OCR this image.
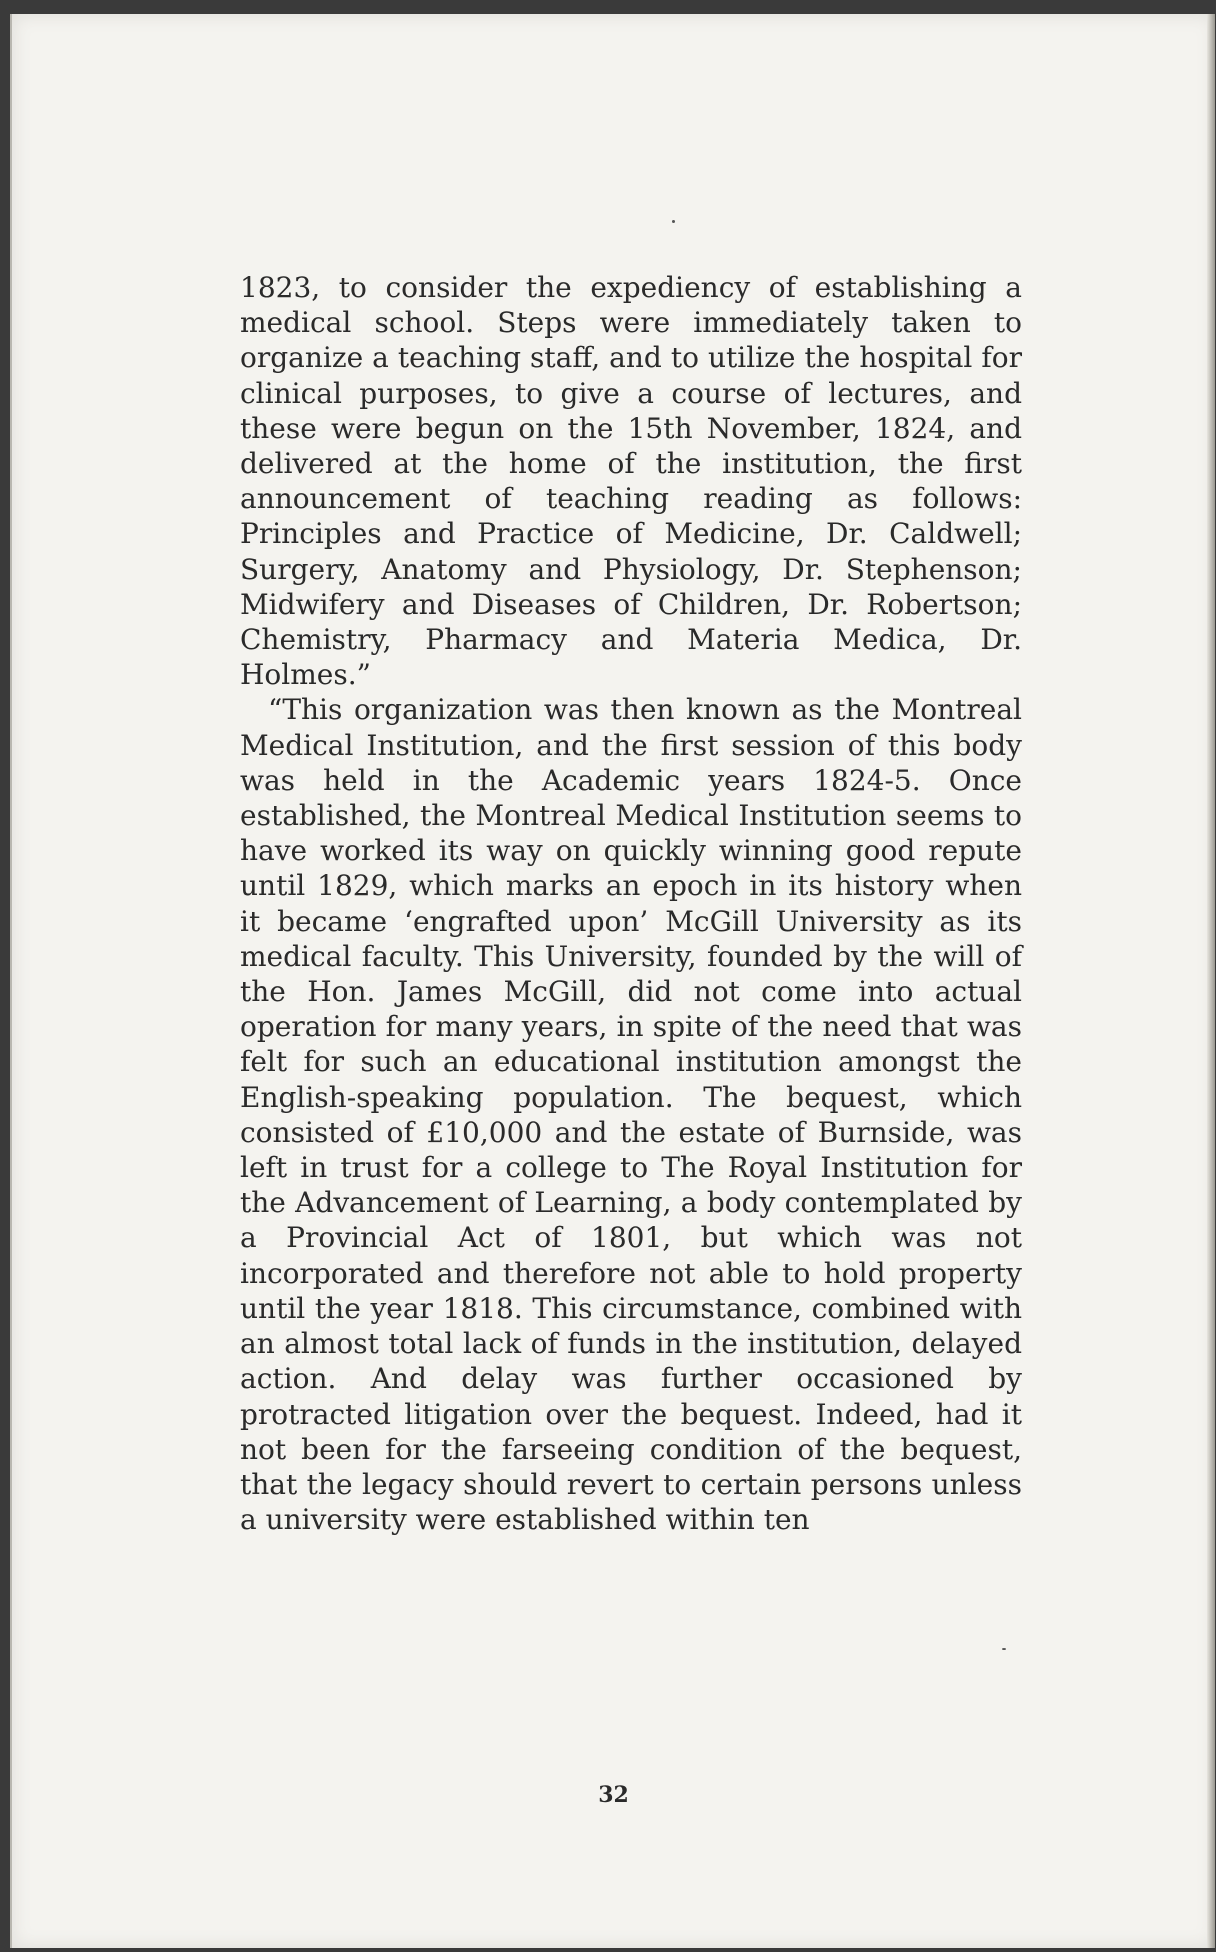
1823, to consider the expediency of establishing a medical school. Steps were immediately taken to organize a teaching staff, and to utilize the hospital for clinical purposes, to give a course of lectures, and these were begun on the 15th November, 1824, and delivered at the home of the institution, the first announcement of teaching reading as follows: Principles and Practice of Medicine, Dr. Caldwell; Surgery, Anatomy and Physiology, Dr. Stephenson; Midwifery and Diseases of Children, Dr. Robertson; Chemistry, Pharmacy and Materia Medica, Dr. Holmes.”

“This organization was then known as the Montreal Medical Institution, and the first session of this body was held in the Academic years 1824-5. Once established, the Montreal Medical Institution seems to have worked its way on quickly winning good repute until 1829, which marks an epoch in its history when it became ‘engrafted upon’ McGill University as its medical faculty. This University, founded by the will of the Hon. James McGill, did not come into actual operation for many years, in spite of the need that was felt for such an educational institution amongst the English-speaking population. The bequest, which consisted of £10,000 and the estate of Burnside, was left in trust for a college to The Royal Institution for the Advancement of Learning, a body contemplated by a Provincial Act of 1801, but which was not incorporated and therefore not able to hold property until the year 1818. This circumstance, combined with an almost total lack of funds in the institution, delayed action. And delay was further occasioned by protracted litigation over the bequest. Indeed, had it not been for the farseeing condition of the bequest, that the legacy should revert to certain persons unless a university were established within ten

32
